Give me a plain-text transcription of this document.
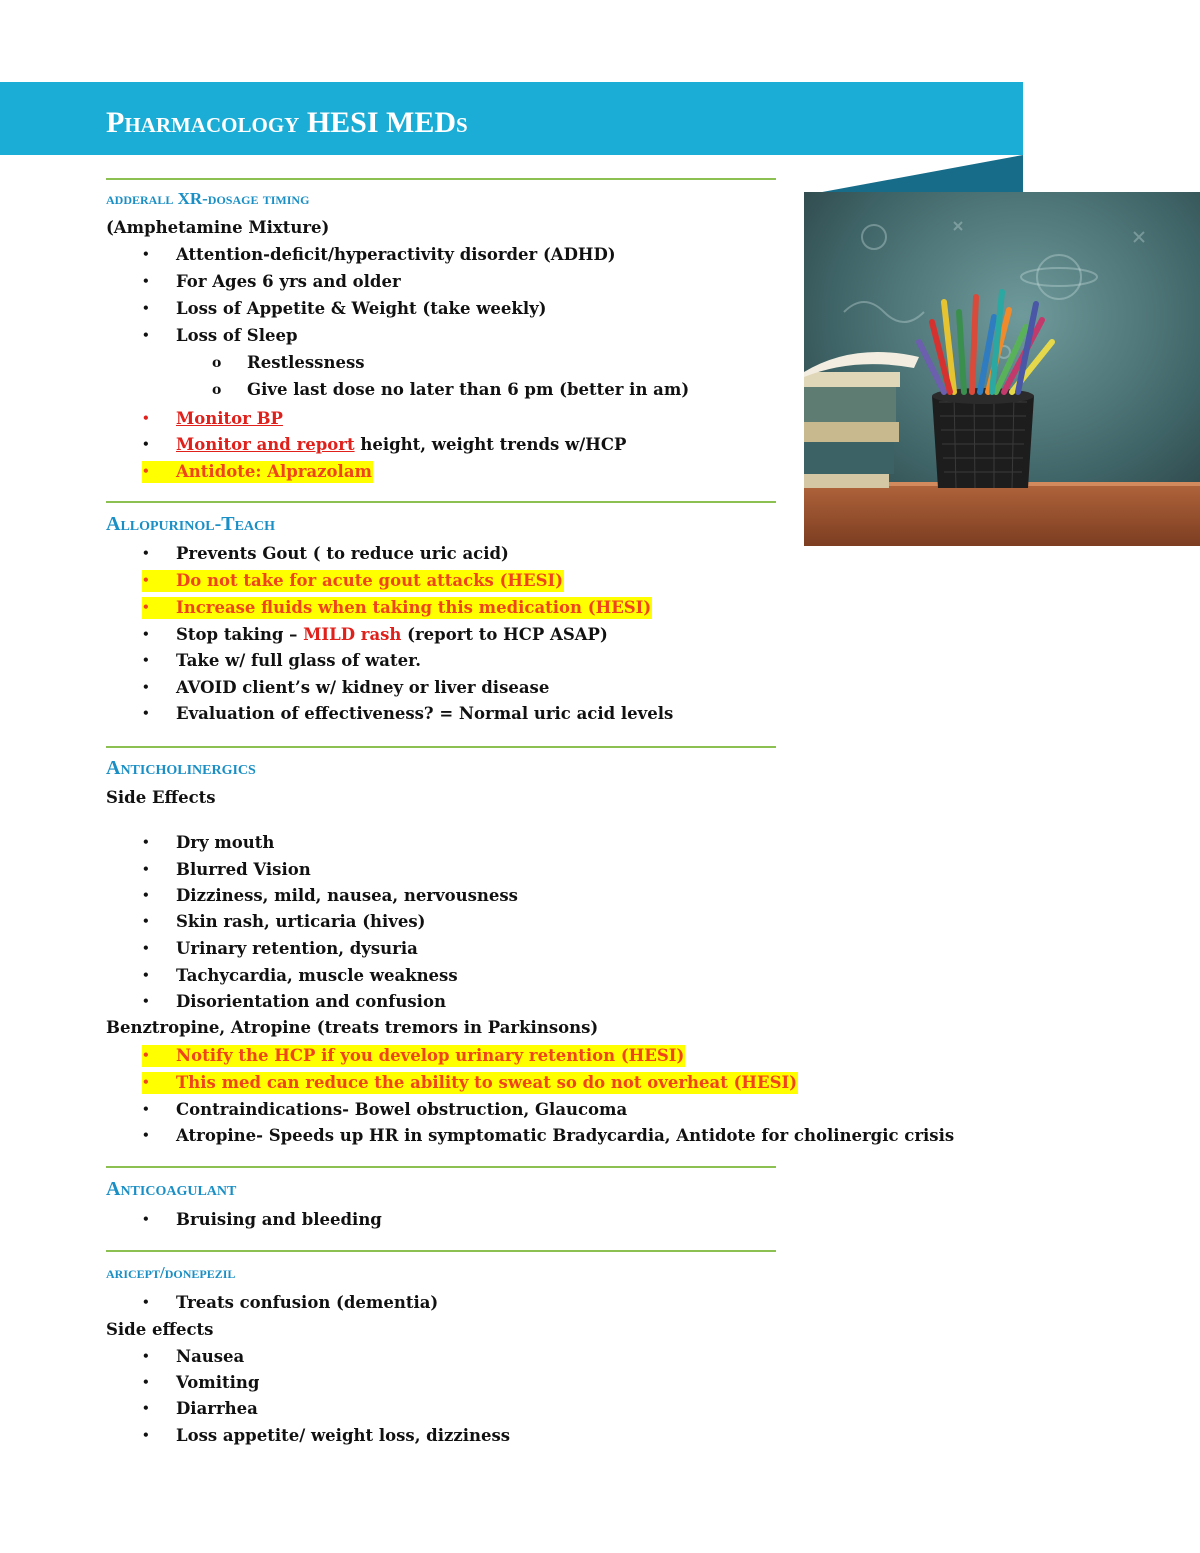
Pharmacology HESI MEDs
adderall XR-dosage timing
(Amphetamine Mixture)
• Attention-deficit/hyperactivity disorder (ADHD)
• For Ages 6 yrs and older
• Loss of Appetite & Weight (take weekly)
• Loss of Sleep
o Restlessness
o Give last dose no later than 6 pm (better in am)
• Monitor BP
• Monitor and report height, weight trends w/HCP
• Antidote: Alprazolam
Allopurinol-Teach
• Prevents Gout ( to reduce uric acid)
• Do not take for acute gout attacks (HESI)
• Increase fluids when taking this medication (HESI)
• Stop taking – MILD rash (report to HCP ASAP)
• Take w/ full glass of water.
• AVOID client’s w/ kidney or liver disease
• Evaluation of effectiveness? = Normal uric acid levels
Anticholinergics
Side Effects
• Dry mouth
• Blurred Vision
• Dizziness, mild, nausea, nervousness
• Skin rash, urticaria (hives)
• Urinary retention, dysuria
• Tachycardia, muscle weakness
• Disorientation and confusion
Benztropine, Atropine (treats tremors in Parkinsons)
• Notify the HCP if you develop urinary retention (HESI)
• This med can reduce the ability to sweat so do not overheat (HESI)
• Contraindications- Bowel obstruction, Glaucoma
• Atropine- Speeds up HR in symptomatic Bradycardia, Antidote for cholinergic crisis
Anticoagulant
• Bruising and bleeding
aricept/donepezil
• Treats confusion (dementia)
Side effects
• Nausea
• Vomiting
• Diarrhea
• Loss appetite/ weight loss, dizziness
